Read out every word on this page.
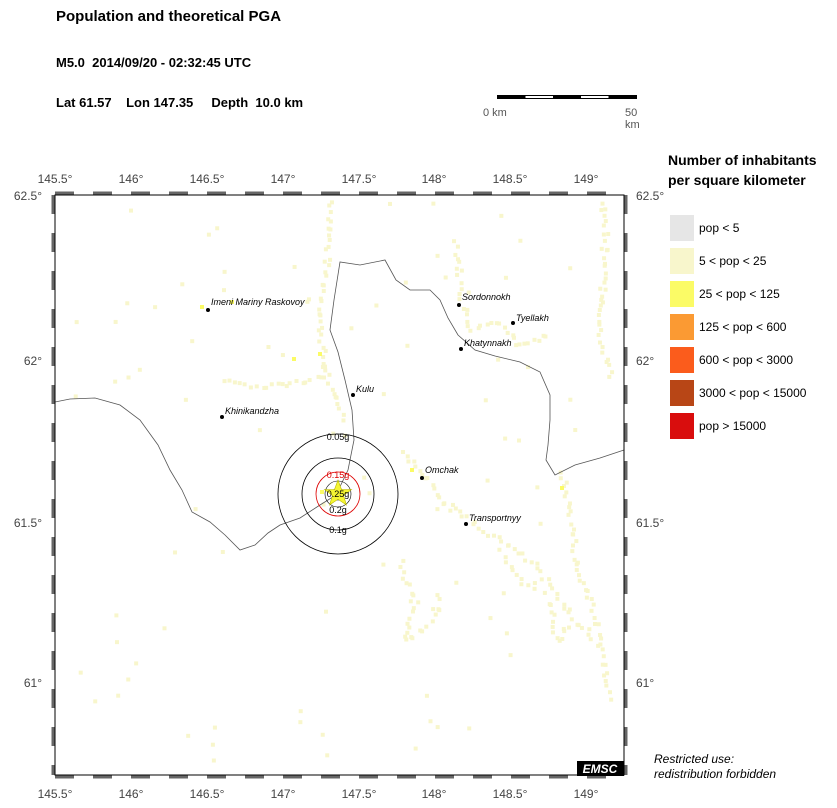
Population and theoretical PGA
M5.0  2014/09/20 - 02:32:45 UTC
Lat 61.57    Lon 147.35     Depth  10.0 km
0 km	50 km
Number of inhabitants
per square kilometer
pop < 5
5 < pop < 25
25 < pop < 125
125 < pop < 600
600 < pop < 3000
3000 < pop < 15000
pop > 15000
145.5°	146°	146.5°	147°	147.5°	148°	148.5°	149°
145.5°	146°	146.5°	147°	147.5°	148°	148.5°	149°
62.5°
62°
61.5°
61°
62.5°
62°
61.5°
61°
0.05g
0.1g
0.15g
0.2g
0.25g
Imeni Mariny Raskovoy	Sordonnokh
Tyellakh
Khatynnakh
Kulu
Khinikandzha
Omchak
Transportnyy
EMSC
Restricted use:
redistribution forbidden
